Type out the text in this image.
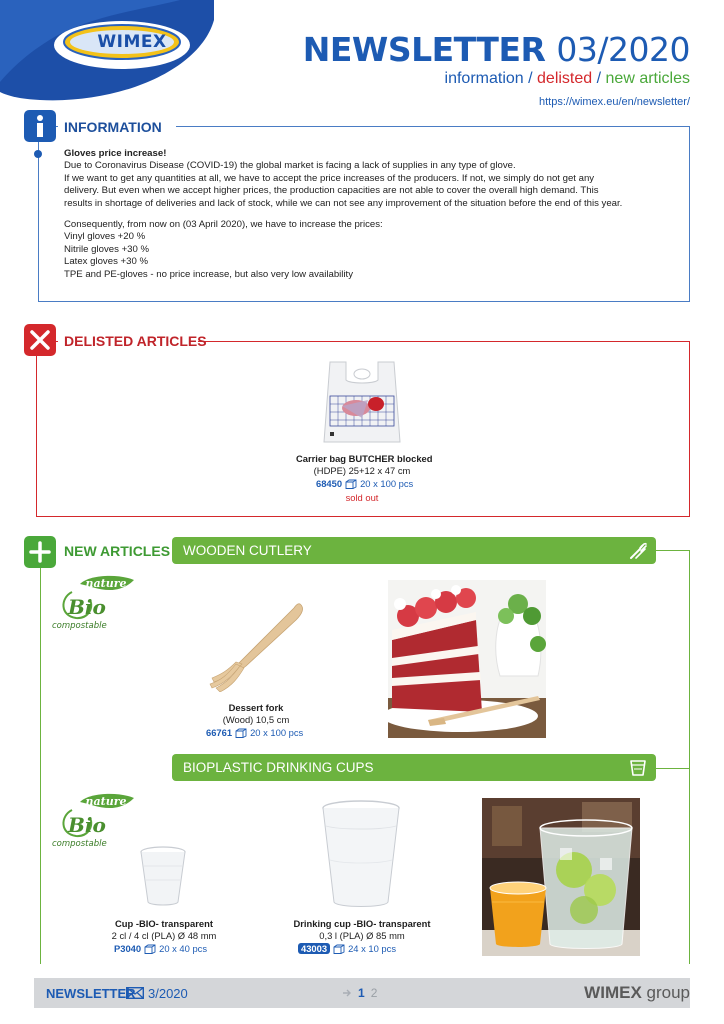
WIMEX	NEWSLETTER 03/2020
information / delisted / new articles
https://wimex.eu/en/newsletter/
INFORMATION

Gloves price increase!

Due to Coronavirus Disease (COVID-19) the global market is facing a lack of supplies in any type of glove.

If we want to get any quantities at all, we have to accept the price increases of the producers. If not, we simply do not get any

delivery. But even when we accept higher prices, the production capacities are not able to cover the overall high demand. This

results in shortage of deliveries and lack of stock, while we can not see any improvement of the situation before the end of this year.

Consequently, from now on (03 April 2020), we have to increase the prices:

Vinyl gloves +20 %

Nitrile gloves +30 %

Latex gloves +30 %

TPE and PE-gloves - no price increase, but also very low availability

DELISTED ARTICLES
Carrier bag BUTCHER blocked
(HDPE) 25+12 x 47 cm
68450 20 x 100 pcs
sold out
NEW ARTICLES WOODEN CUTLERY
nature
Bio
compostable
Dessert fork
(Wood) 10,5 cm
66761 20 x 100 pcs
BIOPLASTIC DRINKING CUPS
nature
Bio
compostable
Cup -BIO- transparent
2 cl / 4 cl (PLA) Ø 48 mm
P3040 20 x 40 pcs
Drinking cup -BIO- transparent
0,3 l (PLA) Ø 85 mm
43003	24 x 10 pcs
NEWSLETTER 3/2020	1 2	WIMEX group
